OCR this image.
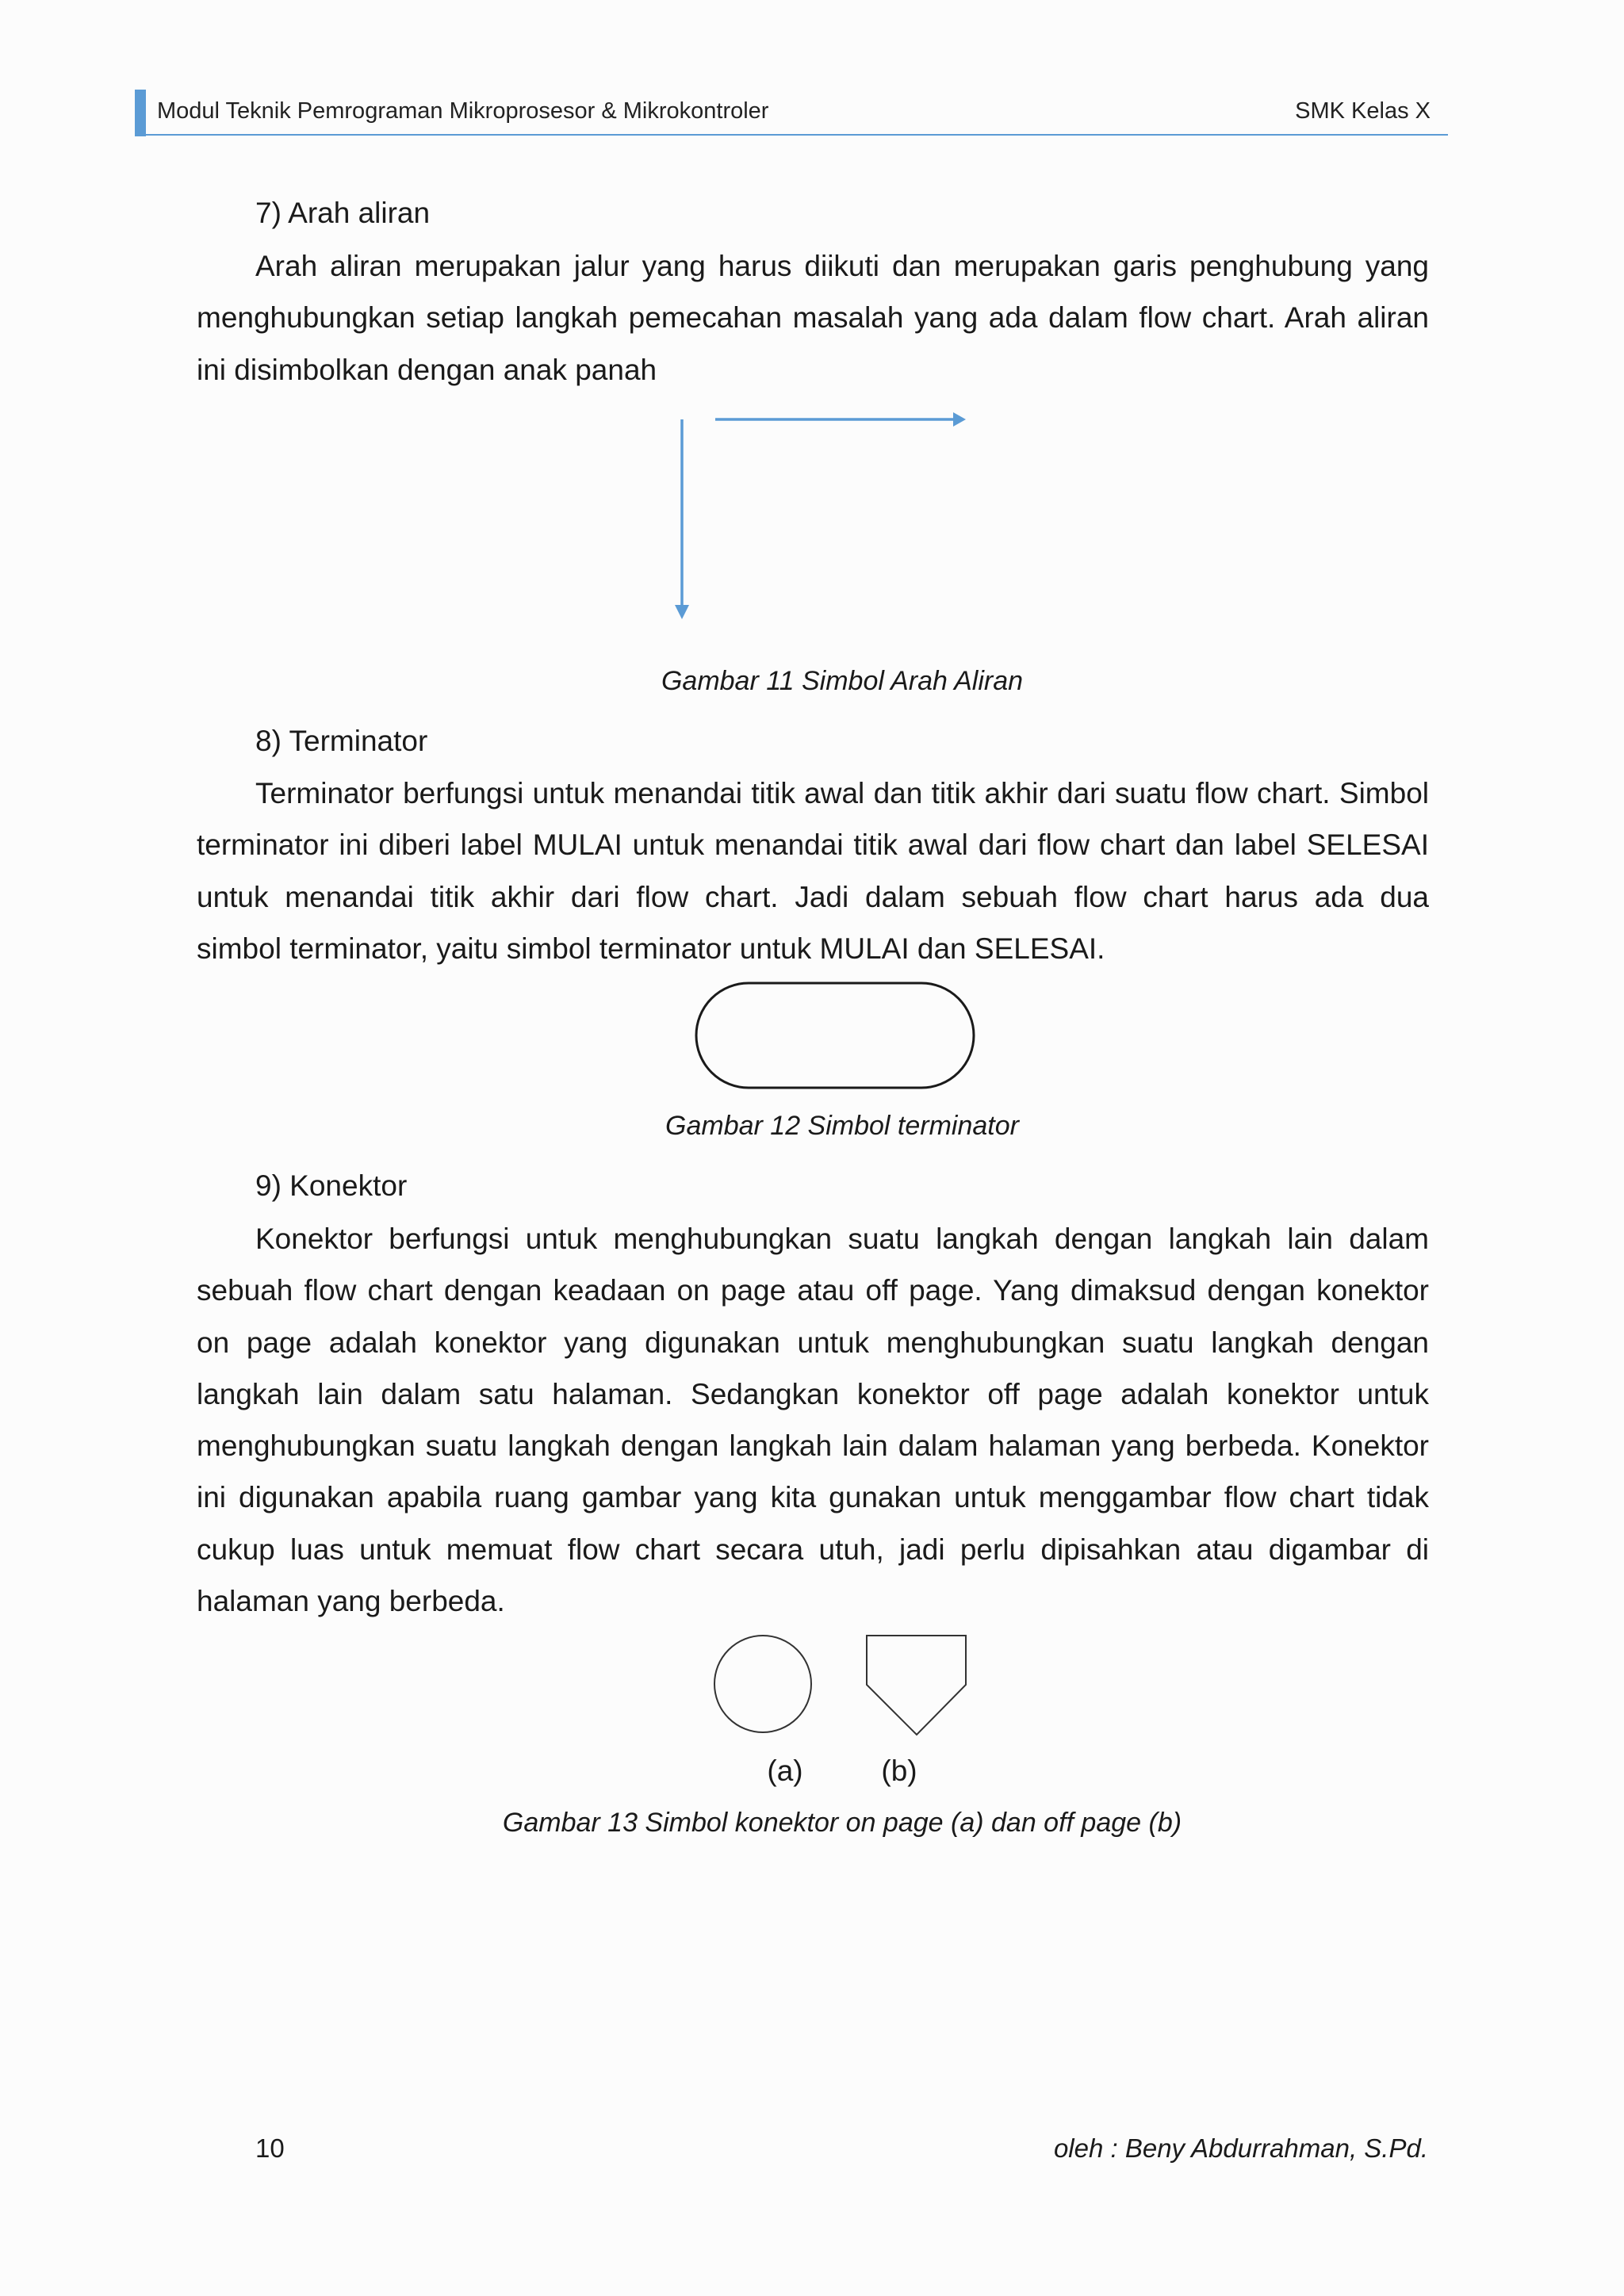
Modul Teknik Pemrograman Mikroprosesor & Mikrokontroler	SMK Kelas X
7) Arah aliran
Arah aliran merupakan jalur yang harus diikuti dan merupakan garis penghubung yang
menghubungkan setiap langkah pemecahan masalah yang ada dalam flow chart. Arah aliran
ini disimbolkan dengan anak panah
Gambar 11 Simbol Arah Aliran
8) Terminator
Terminator berfungsi untuk menandai titik awal dan titik akhir dari suatu flow chart. Simbol
terminator ini diberi label MULAI untuk menandai titik awal dari flow chart dan label SELESAI
untuk menandai titik akhir dari flow chart. Jadi dalam sebuah flow chart harus ada dua
simbol terminator, yaitu simbol terminator untuk MULAI dan SELESAI.
Gambar 12 Simbol terminator
9) Konektor
Konektor berfungsi untuk menghubungkan suatu langkah dengan langkah lain dalam
sebuah flow chart dengan keadaan on page atau off page. Yang dimaksud dengan konektor
on page adalah konektor yang digunakan untuk menghubungkan suatu langkah dengan
langkah lain dalam satu halaman. Sedangkan konektor off page adalah konektor untuk
menghubungkan suatu langkah dengan langkah lain dalam halaman yang berbeda. Konektor
ini digunakan apabila ruang gambar yang kita gunakan untuk menggambar flow chart tidak
cukup luas untuk memuat flow chart secara utuh, jadi perlu dipisahkan atau digambar di
halaman yang berbeda.
(a)	(b)
Gambar 13 Simbol konektor on page (a) dan off page (b)
10	oleh : Beny Abdurrahman, S.Pd.
